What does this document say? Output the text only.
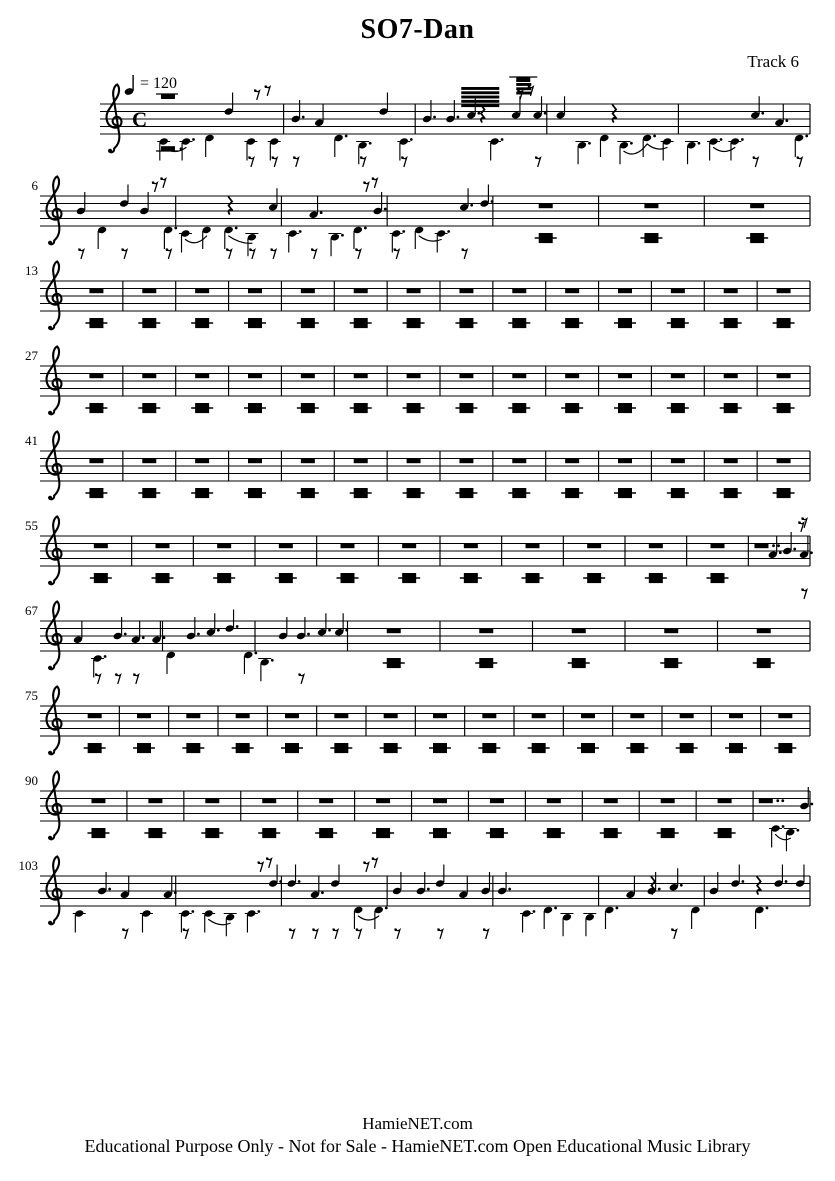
SO7-Dan
Track 6
= 120
C
6
13
27
41
55
67
75
90
103
HamieNET.com
Educational Purpose Only - Not for Sale - HamieNET.com Open Educational Music Library
